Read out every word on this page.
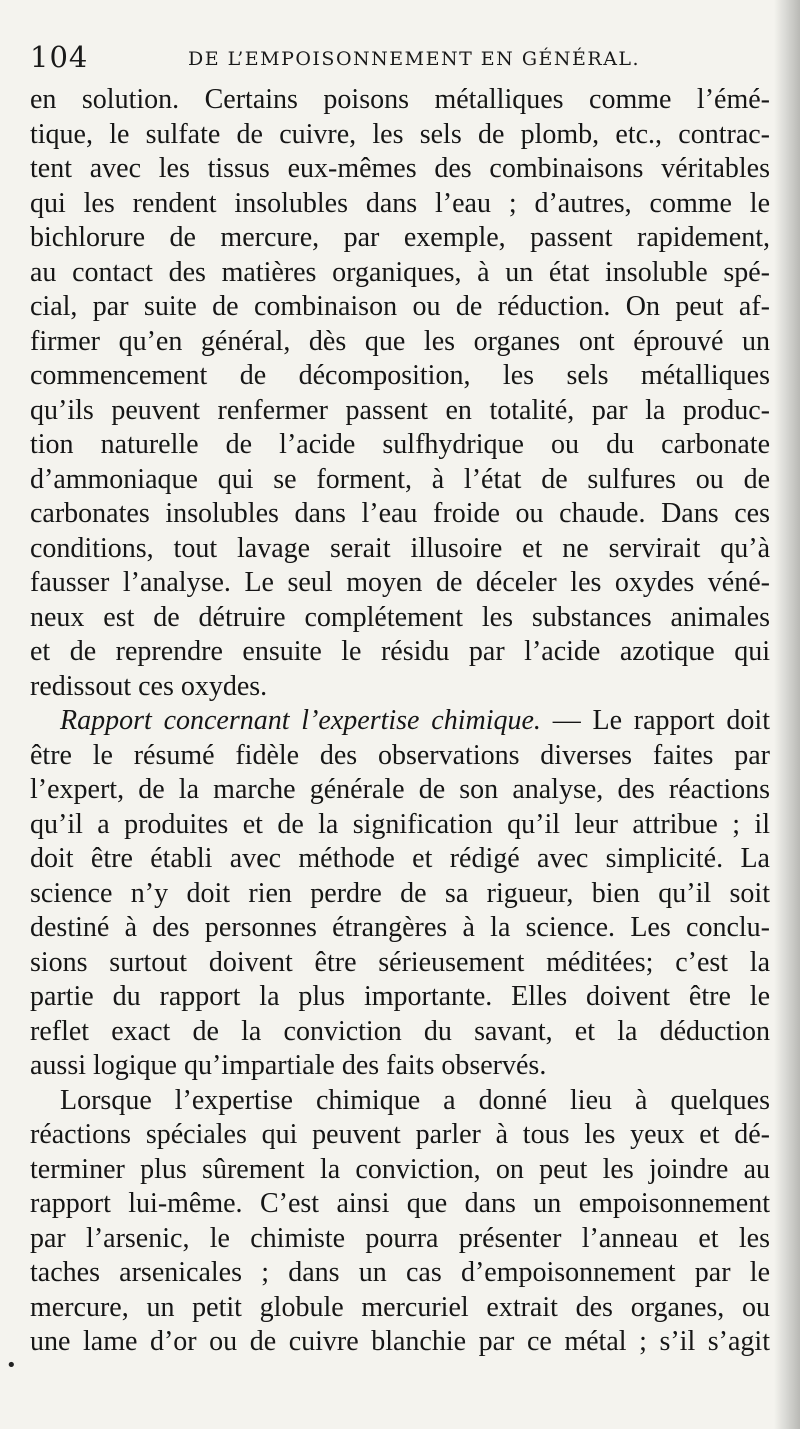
104	DE L’EMPOISONNEMENT EN GÉNÉRAL.
en solution. Certains poisons métalliques comme l’émé-
tique, le sulfate de cuivre, les sels de plomb, etc., contrac-
tent avec les tissus eux-mêmes des combinaisons véritables
qui les rendent insolubles dans l’eau ; d’autres, comme le
bichlorure de mercure, par exemple, passent rapidement,
au contact des matières organiques, à un état insoluble spé-
cial, par suite de combinaison ou de réduction. On peut af-
firmer qu’en général, dès que les organes ont éprouvé un
commencement de décomposition, les sels métalliques
qu’ils peuvent renfermer passent en totalité, par la produc-
tion naturelle de l’acide sulfhydrique ou du carbonate
d’ammoniaque qui se forment, à l’état de sulfures ou de
carbonates insolubles dans l’eau froide ou chaude. Dans ces
conditions, tout lavage serait illusoire et ne servirait qu’à
fausser l’analyse. Le seul moyen de déceler les oxydes véné-
neux est de détruire complétement les substances animales
et de reprendre ensuite le résidu par l’acide azotique qui
redissout ces oxydes.
Rapport concernant l’expertise chimique. — Le rapport doit
être le résumé fidèle des observations diverses faites par
l’expert, de la marche générale de son analyse, des réactions
qu’il a produites et de la signification qu’il leur attribue ; il
doit être établi avec méthode et rédigé avec simplicité. La
science n’y doit rien perdre de sa rigueur, bien qu’il soit
destiné à des personnes étrangères à la science. Les conclu-
sions surtout doivent être sérieusement méditées; c’est la
partie du rapport la plus importante. Elles doivent être le
reflet exact de la conviction du savant, et la déduction
aussi logique qu’impartiale des faits observés.
Lorsque l’expertise chimique a donné lieu à quelques
réactions spéciales qui peuvent parler à tous les yeux et dé-
terminer plus sûrement la conviction, on peut les joindre au
rapport lui-même. C’est ainsi que dans un empoisonnement
par l’arsenic, le chimiste pourra présenter l’anneau et les
taches arsenicales ; dans un cas d’empoisonnement par le
mercure, un petit globule mercuriel extrait des organes, ou
une lame d’or ou de cuivre blanchie par ce métal ; s’il s’agit
•
